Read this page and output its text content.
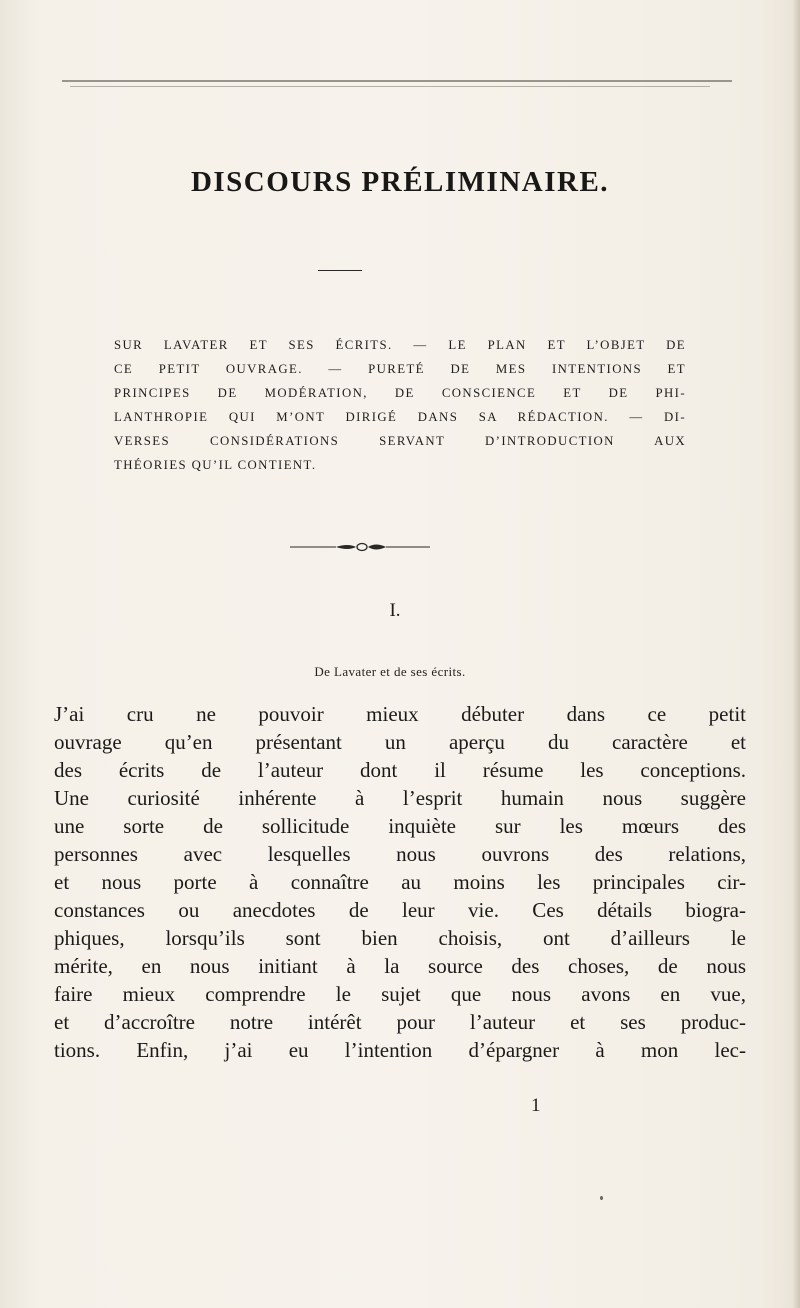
DISCOURS PRÉLIMINAIRE.
SUR LAVATER ET SES ÉCRITS. — LE PLAN ET L’OBJET DE
CE PETIT OUVRAGE. — PURETÉ DE MES INTENTIONS ET
PRINCIPES DE MODÉRATION, DE CONSCIENCE ET DE PHI-
LANTHROPIE QUI M’ONT DIRIGÉ DANS SA RÉDACTION. — DI-
VERSES CONSIDÉRATIONS SERVANT D’INTRODUCTION AUX
THÉORIES QU’IL CONTIENT.
I.
De Lavater et de ses écrits.
J’ai cru ne pouvoir mieux débuter dans ce petit
ouvrage qu’en présentant un aperçu du caractère et
des écrits de l’auteur dont il résume les conceptions.
Une curiosité inhérente à l’esprit humain nous suggère
une sorte de sollicitude inquiète sur les mœurs des
personnes avec lesquelles nous ouvrons des relations,
et nous porte à connaître au moins les principales cir-
constances ou anecdotes de leur vie. Ces détails biogra-
phiques, lorsqu’ils sont bien choisis, ont d’ailleurs le
mérite, en nous initiant à la source des choses, de nous
faire mieux comprendre le sujet que nous avons en vue,
et d’accroître notre intérêt pour l’auteur et ses produc-
tions. Enfin, j’ai eu l’intention d’épargner à mon lec-
1
